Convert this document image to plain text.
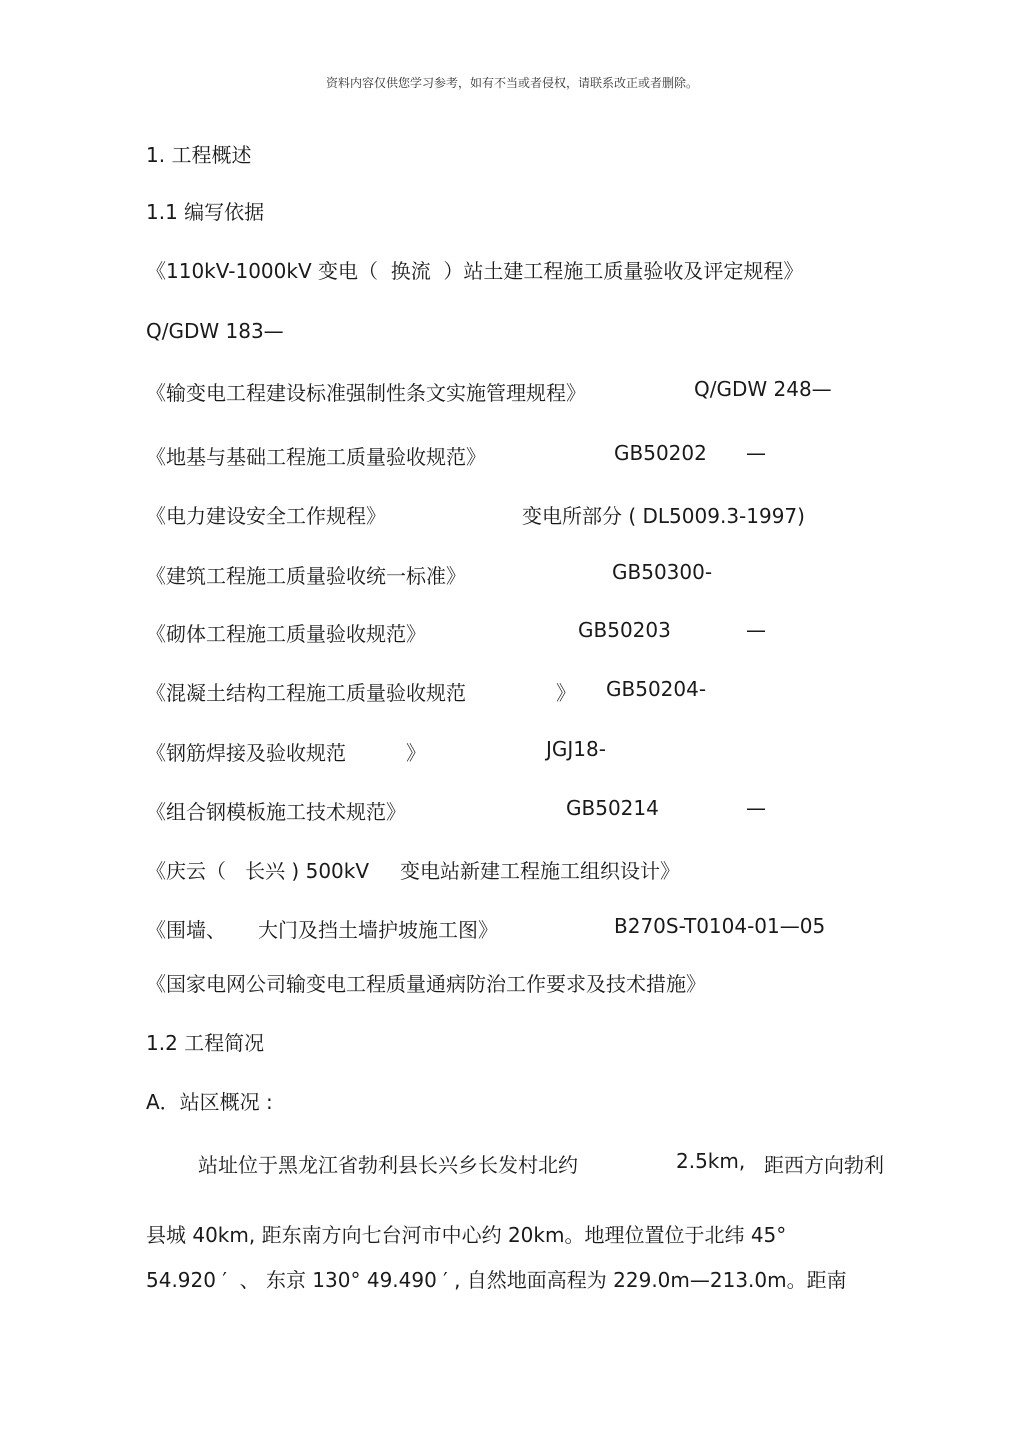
资料内容仅供您学习参考，如有不当或者侵权，请联系改正或者删除。
1. 工程概述
1.1 编写依据
《110kV-1000kV 变电（  换流  ）站土建工程施工质量验收及评定规程》
Q/GDW 183—
《输变电工程建设标准强制性条文实施管理规程》	Q/GDW 248—
《地基与基础工程施工质量验收规范》	GB50202 —
《电力建设安全工作规程》	变电所部分 ( DL5009.3-1997)
《建筑工程施工质量验收统一标准》	GB50300-
《砌体工程施工质量验收规范》	GB50203	—
《混凝土结构工程施工质量验收规范	》 GB50204-
《钢筋焊接及验收规范	》	JGJ18-
《组合钢模板施工技术规范》	GB50214	—
《庆云（   长兴 ) 500kV 变电站新建工程施工组织设计》
《围墙、 大门及挡土墙护坡施工图》	B270S-T0104-01—05
《国家电网公司输变电工程质量通病防治工作要求及技术措施》
1.2 工程简况
A．站区概况 :
站址位于黑龙江省勃利县长兴乡长发村北约	2.5km, 距西方向勃利
县城 40km, 距东南方向七台河市中心约 20km。地理位置位于北纬 45°
54.920 ′  、 东京 130° 49.490 ′ , 自然地面高程为 229.0m—213.0m。距南
